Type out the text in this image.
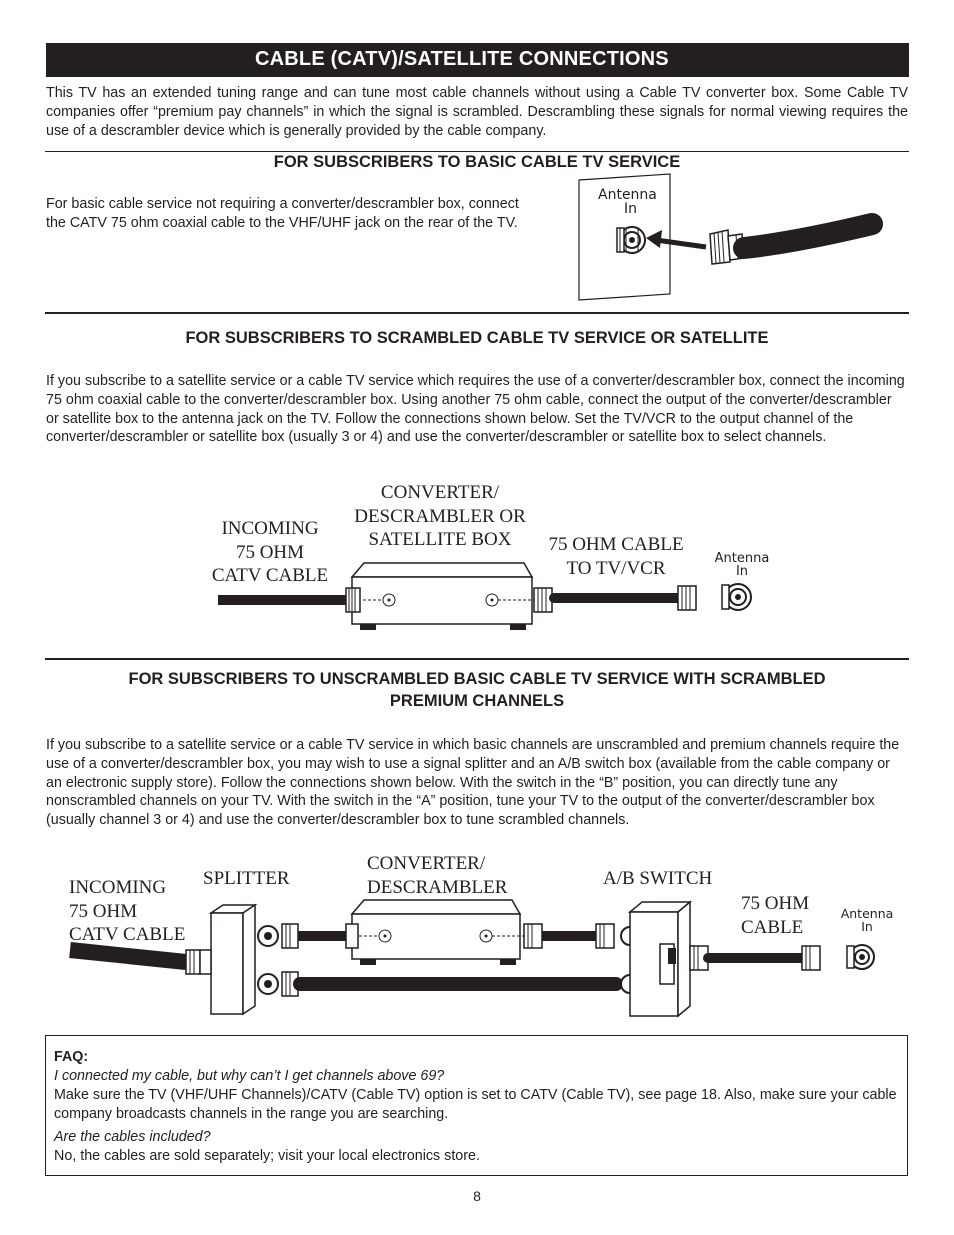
CABLE (CATV)/SATELLITE CONNECTIONS
This TV has an extended tuning range and can tune most cable channels without using a Cable TV converter box. Some Cable TV companies offer “premium pay channels” in which the signal is scrambled. Descrambling these signals for normal viewing requires the use of a descrambler device which is generally provided by the cable company.
FOR SUBSCRIBERS TO BASIC CABLE TV SERVICE
For basic cable service not requiring a converter/descrambler box, connect the CATV 75 ohm coaxial cable to the VHF/UHF jack on the rear of the TV.
Antenna
In
FOR SUBSCRIBERS TO SCRAMBLED CABLE TV SERVICE OR SATELLITE
If you subscribe to a satellite service or a cable TV service which requires the use of a converter/descrambler box, connect the incoming 75 ohm coaxial cable to the converter/descrambler box. Using another 75 ohm cable, connect the output of the converter/descrambler or satellite box to the antenna jack on the TV. Follow the connections shown below. Set the TV/VCR to the output channel of the converter/descrambler or satellite box (usually 3 or 4) and use the converter/descrambler or satellite box to select channels.
INCOMING
75 OHM
CATV CABLE
CONVERTER/
DESCRAMBLER OR
SATELLITE BOX	75 OHM CABLE
TO TV/VCR	Antenna
In
FOR SUBSCRIBERS TO UNSCRAMBLED BASIC CABLE TV SERVICE WITH SCRAMBLED
PREMIUM CHANNELS
If you subscribe to a satellite service or a cable TV service in which basic channels are unscrambled and premium channels require the use of a converter/descrambler box, you may wish to use a signal splitter and an A/B switch box (available from the cable company or an electronic supply store). Follow the connections shown below. With the switch in the “B” position, you can directly tune any nonscrambled channels on your TV. With the switch in the “A” position, tune your TV to the output of the converter/descrambler box (usually channel 3 or 4) and use the converter/descrambler box to tune scrambled channels.
INCOMING
75 OHM
CATV CABLE
SPLITTER
CONVERTER/
DESCRAMBLER	A/B SWITCH
75 OHM
CABLE
Antenna
In
FAQ:
I connected my cable, but why can’t I get channels above 69?
Make sure the TV (VHF/UHF Channels)/CATV (Cable TV) option is set to CATV (Cable TV), see page 18. Also, make sure your cable company broadcasts channels in the range you are searching.
Are the cables included?
No, the cables are sold separately; visit your local electronics store.
8
